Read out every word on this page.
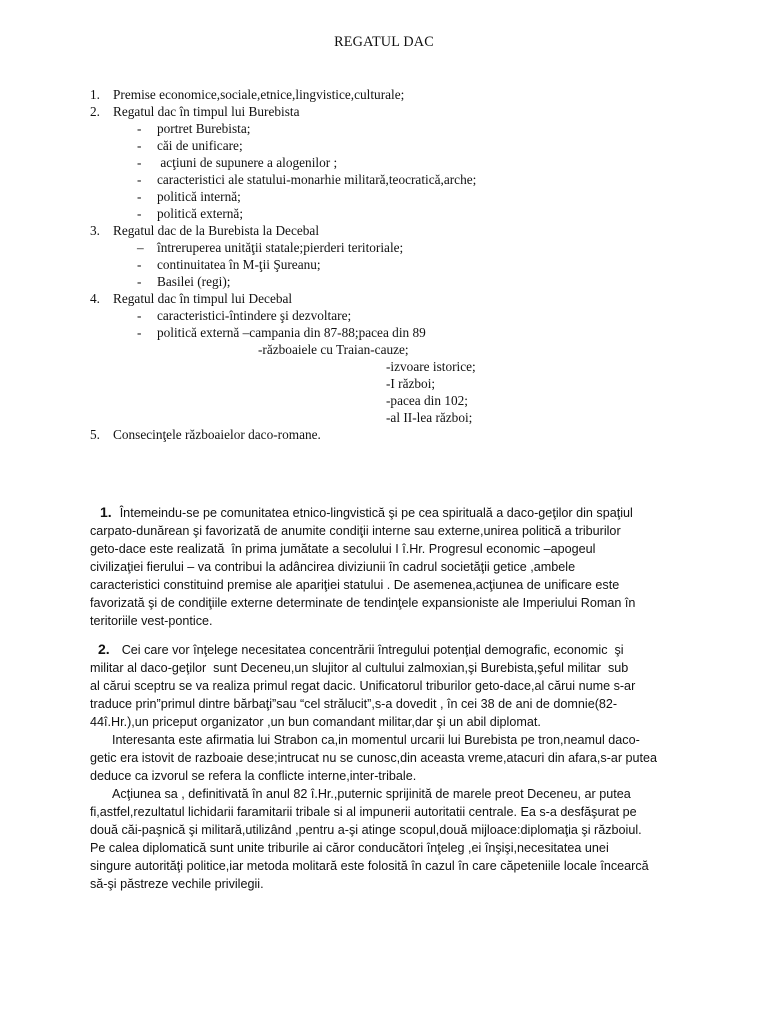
REGATUL DAC
1. Premise economice,sociale,etnice,lingvistice,culturale;
2. Regatul dac în timpul lui Burebista
- portret Burebista;
- căi de unificare;
- acţiuni de supunere a alogenilor ;
- caracteristici ale statului-monarhie militară,teocratică,arche;
- politică internă;
- politică externă;
3. Regatul dac de la Burebista la Decebal
– întreruperea unităţii statale;pierderi teritoriale;
- continuitatea în M-ţii Şureanu;
- Basilei (regi);
4. Regatul dac în timpul lui Decebal
- caracteristici-întindere şi dezvoltare;
- politică externă –campania din 87-88;pacea din 89
-războaiele cu Traian-cauze;
-izvoare istorice;
-I război;
-pacea din 102;
-al II-lea război;
5. Consecinţele războaielor daco-romane.
1. Întemeindu-se pe comunitatea etnico-lingvistică şi pe cea spirituală a daco-geţilor din spaţiul
carpato-dunărean şi favorizată de anumite condiţii interne sau externe,unirea politică a triburilor
geto-dace este realizată  în prima jumătate a secolului I î.Hr. Progresul economic –apogeul
civilizaţiei fierului – va contribui la adâncirea diviziunii în cadrul societăţii getice ,ambele
caracteristici constituind premise ale apariţiei statului . De asemenea,acţiunea de unificare este
favorizată şi de condiţiile externe determinate de tendinţele expansioniste ale Imperiului Roman în
teritoriile vest-pontice.
2. Cei care vor înţelege necesitatea concentrării întregului potenţial demografic, economic  şi
militar al daco-geţilor  sunt Deceneu,un slujitor al cultului zalmoxian,şi Burebista,şeful militar  sub
al cărui sceptru se va realiza primul regat dacic. Unificatorul triburilor geto-dace,al cărui nume s-ar
traduce prin”primul dintre bărbaţi”sau “cel strălucit”,s-a dovedit , în cei 38 de ani de domnie(82-
44î.Hr.),un priceput organizator ,un bun comandant militar,dar şi un abil diplomat.
Interesanta este afirmatia lui Strabon ca,in momentul urcarii lui Burebista pe tron,neamul daco-
getic era istovit de razboaie dese;intrucat nu se cunosc,din aceasta vreme,atacuri din afara,s-ar putea
deduce ca izvorul se refera la conflicte interne,inter-tribale.
Acţiunea sa , definitivată în anul 82 î.Hr.,puternic sprijinită de marele preot Deceneu, ar putea
fi,astfel,rezultatul lichidarii faramitarii tribale si al impunerii autoritatii centrale. Ea s-a desfăşurat pe
două căi-paşnică şi militară,utilizând ,pentru a-şi atinge scopul,două mijloace:diplomaţia şi războiul.
Pe calea diplomatică sunt unite triburile ai căror conducători înţeleg ,ei înşişi,necesitatea unei
singure autorităţi politice,iar metoda molitară este folosită în cazul în care căpeteniile locale încearcă
să-şi păstreze vechile privilegii.
